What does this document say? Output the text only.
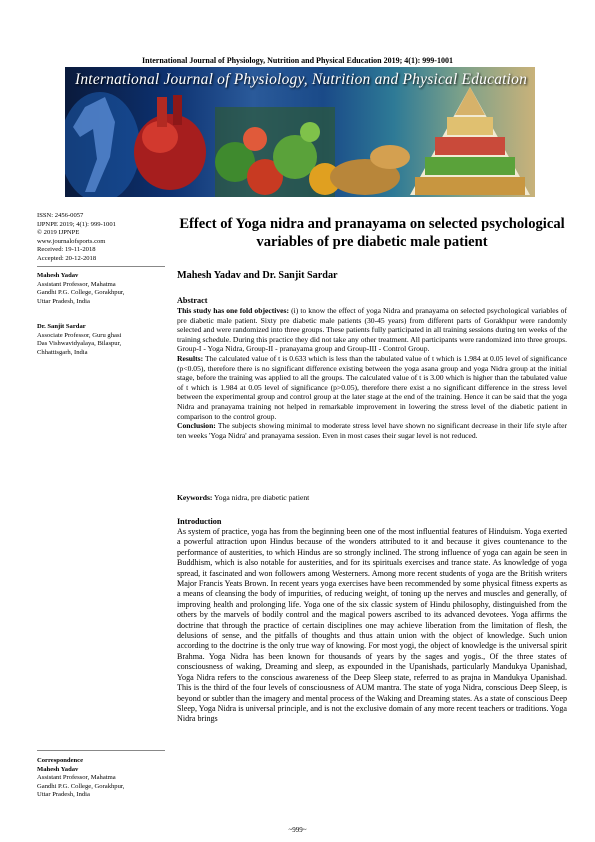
International Journal of Physiology, Nutrition and Physical Education 2019; 4(1): 999-1001
International Journal of Physiology, Nutrition and Physical Education
ISSN: 2456-0057
IJPNPE 2019; 4(1): 999-1001
© 2019 IJPNPE
www.journalofsports.com
Received: 19-11-2018
Accepted: 20-12-2018
Mahesh Yadav
Assistant Professor, Mahatma
Gandhi P.G. College, Gorakhpur,
Uttar Pradesh, India
Dr. Sanjit Sardar
Associate Professor, Guru ghasi
Das Vishwavidyalaya, Bilaspur,
Chhattisgarh, India
Correspondence
Mahesh Yadav
Assistant Professor, Mahatma
Gandhi P.G. College, Gorakhpur,
Uttar Pradesh, India
Effect of Yoga nidra and pranayama on selected psychological variables of pre diabetic male patient
Mahesh Yadav and Dr. Sanjit Sardar
Abstract
This study has one fold objectives: (i) to know the effect of yoga Nidra and pranayama on selected psychological variables of pre diabetic male patient. Sixty pre diabetic male patients (30-45 years) from different parts of Gorakhpur were randomly selected and were randomized into three groups. These patients fully participated in all training sessions during ten weeks of the training schedule. During this practice they did not take any other treatment. All participants were randomized into three groups. Group-I - Yoga Nidra, Group-II - pranayama group and Group-III - Control Group.
Results: The calculated value of t is 0.633 which is less than the tabulated value of t which is 1.984 at 0.05 level of significance (p<0.05), therefore there is no significant difference existing between the yoga asana group and yoga Nidra group at the initial stage, before the training was applied to all the groups. The calculated value of t is 3.00 which is higher than the tabulated value of t which is 1.984 at 0.05 level of significance (p>0.05), therefore there exist a no significant difference in the stress level between the experimental group and control group at the later stage at the end of the training. Hence it can be said that the yoga Nidra and pranayama training not helped in remarkable improvement in lowering the stress level of the diabetic patient in comparison to the control group.
Conclusion: The subjects showing minimal to moderate stress level have shown no significant decrease in their life style after ten weeks 'Yoga Nidra' and pranayama session. Even in most cases their sugar level is not reduced.
Keywords: Yoga nidra, pre diabetic patient
Introduction
As system of practice, yoga has from the beginning been one of the most influential features of Hinduism. Yoga exerted a powerful attraction upon Hindus because of the wonders attributed to it and because it gives countenance to the performance of austerities, to which Hindus are so strongly inclined. The strong influence of yoga can again be seen in Buddhism, which is also notable for austerities, and for its spirituals exercises and trance state. As knowledge of yoga spread, it fascinated and won followers among Westerners. Among more recent students of yoga are the British writers Major Francis Yeats Brown. In recent years yoga exercises have been recommended by some physical fitness experts as a means of cleansing the body of impurities, of reducing weight, of toning up the nerves and muscles and generally, of improving health and prolonging life. Yoga one of the six classic system of Hindu philosophy, distinguished from the others by the marvels of bodily control and the magical powers ascribed to its advanced devotees. Yoga affirms the doctrine that through the practice of certain disciplines one may achieve liberation from the limitation of flesh, the delusions of sense, and the pitfalls of thoughts and thus attain union with the object of knowledge. Such union according to the doctrine is the only true way of knowing. For most yogi, the object of knowledge is the universal spirit Brahma. Yoga Nidra has been known for thousands of years by the sages and yogis., Of the three states of consciousness of waking, Dreaming and sleep, as expounded in the Upanishads, particularly Mandukya Upanishad, Yoga Nidra refers to the conscious awareness of the Deep Sleep state, referred to as prajna in Mandukya Upanishad. This is the third of the four levels of consciousness of AUM mantra. The state of yoga Nidra, conscious Deep Sleep, is beyond or subtler than the imagery and mental process of the Waking and Dreaming states. As a state of conscious Deep Sleep, Yoga Nidra is universal principle, and is not the exclusive domain of any more recent teachers or traditions. Yoga Nidra brings
~999~
